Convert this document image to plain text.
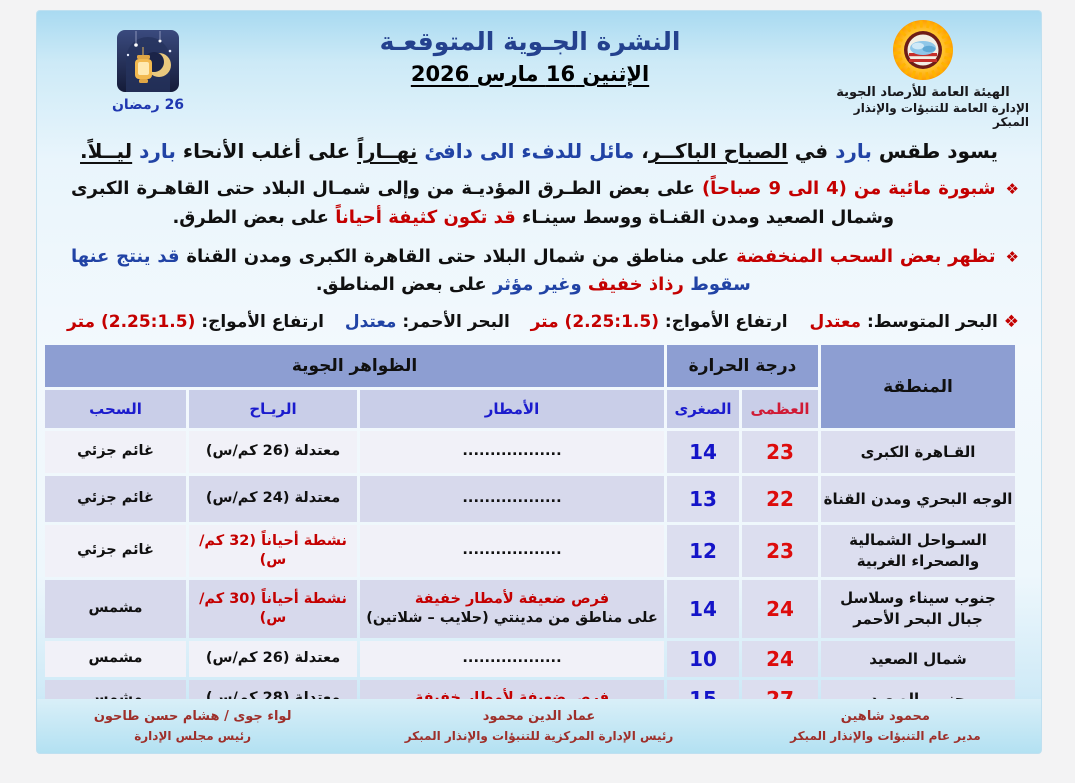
الهيئة العامة للأرصاد الجوية
الإدارة العامة للتنبؤات والإنذار المبكر
النشرة الجـوية المتوقعـة
الإثنين 16 مارس 2026
26 رمضان
يسود طقس بارد في الصباح الباكــر، مائل للدفء الى دافئ نهــاراً على أغلب الأنحاء بارد ليــلاً.
❖
شبورة مائية من (4 الى 9 صباحاً) على بعض الطـرق المؤديـة من وإلى شمـال البلاد حتى القاهـرة الكبرى وشمال الصعيد ومدن القنـاة ووسط سينـاء قد تكون كثيفة أحياناً على بعض الطرق.
❖
تظهر بعض السحب المنخفضة على مناطق من شمال البلاد حتى القاهرة الكبرى ومدن القناة قد ينتج عنها سقوط رذاذ خفيف وغير مؤثر على بعض المناطق.
❖ البحر المتوسط: معتدل  ارتفاع الأمواج: (2.25:1.5) متر
البحر الأحمر: معتدل
ارتفاع الأمواج: (2.25:1.5) متر
المنطقة
درجة الحرارة
الظواهر الجوية
العظمى
الصغرى
الأمطار
الريـاح
السحب
القـاهرة الكبرى
23
14
..................
معتدلة (26 كم/س)
غائم جزئي
الوجه البحري ومدن القناة
22
13
..................
معتدلة (24 كم/س)
غائم جزئي
السـواحل الشمالية والصحراء الغربية
23
12
..................
نشطة أحياناً (32 كم/س)
غائم جزئي
جنوب سيناء وسلاسل جبال البحر الأحمر
24
14
فرص ضعيفة لأمطار خفيفة
على مناطق من مدينتي (حلايب – شلاتين)
نشطة أحياناً (30 كم/س)
مشمس
شمال الصعيد
24
10
..................
معتدلة (26 كم/س)
مشمس
محمود شاهين
مدير عام التنبؤات والإنذار المبكر
عماد الدين محمود
رئيس الإدارة المركزية للتنبؤات والإنذار المبكر
لواء جوى / هشام حسن طاحون
رئيس مجلس الإدارة
